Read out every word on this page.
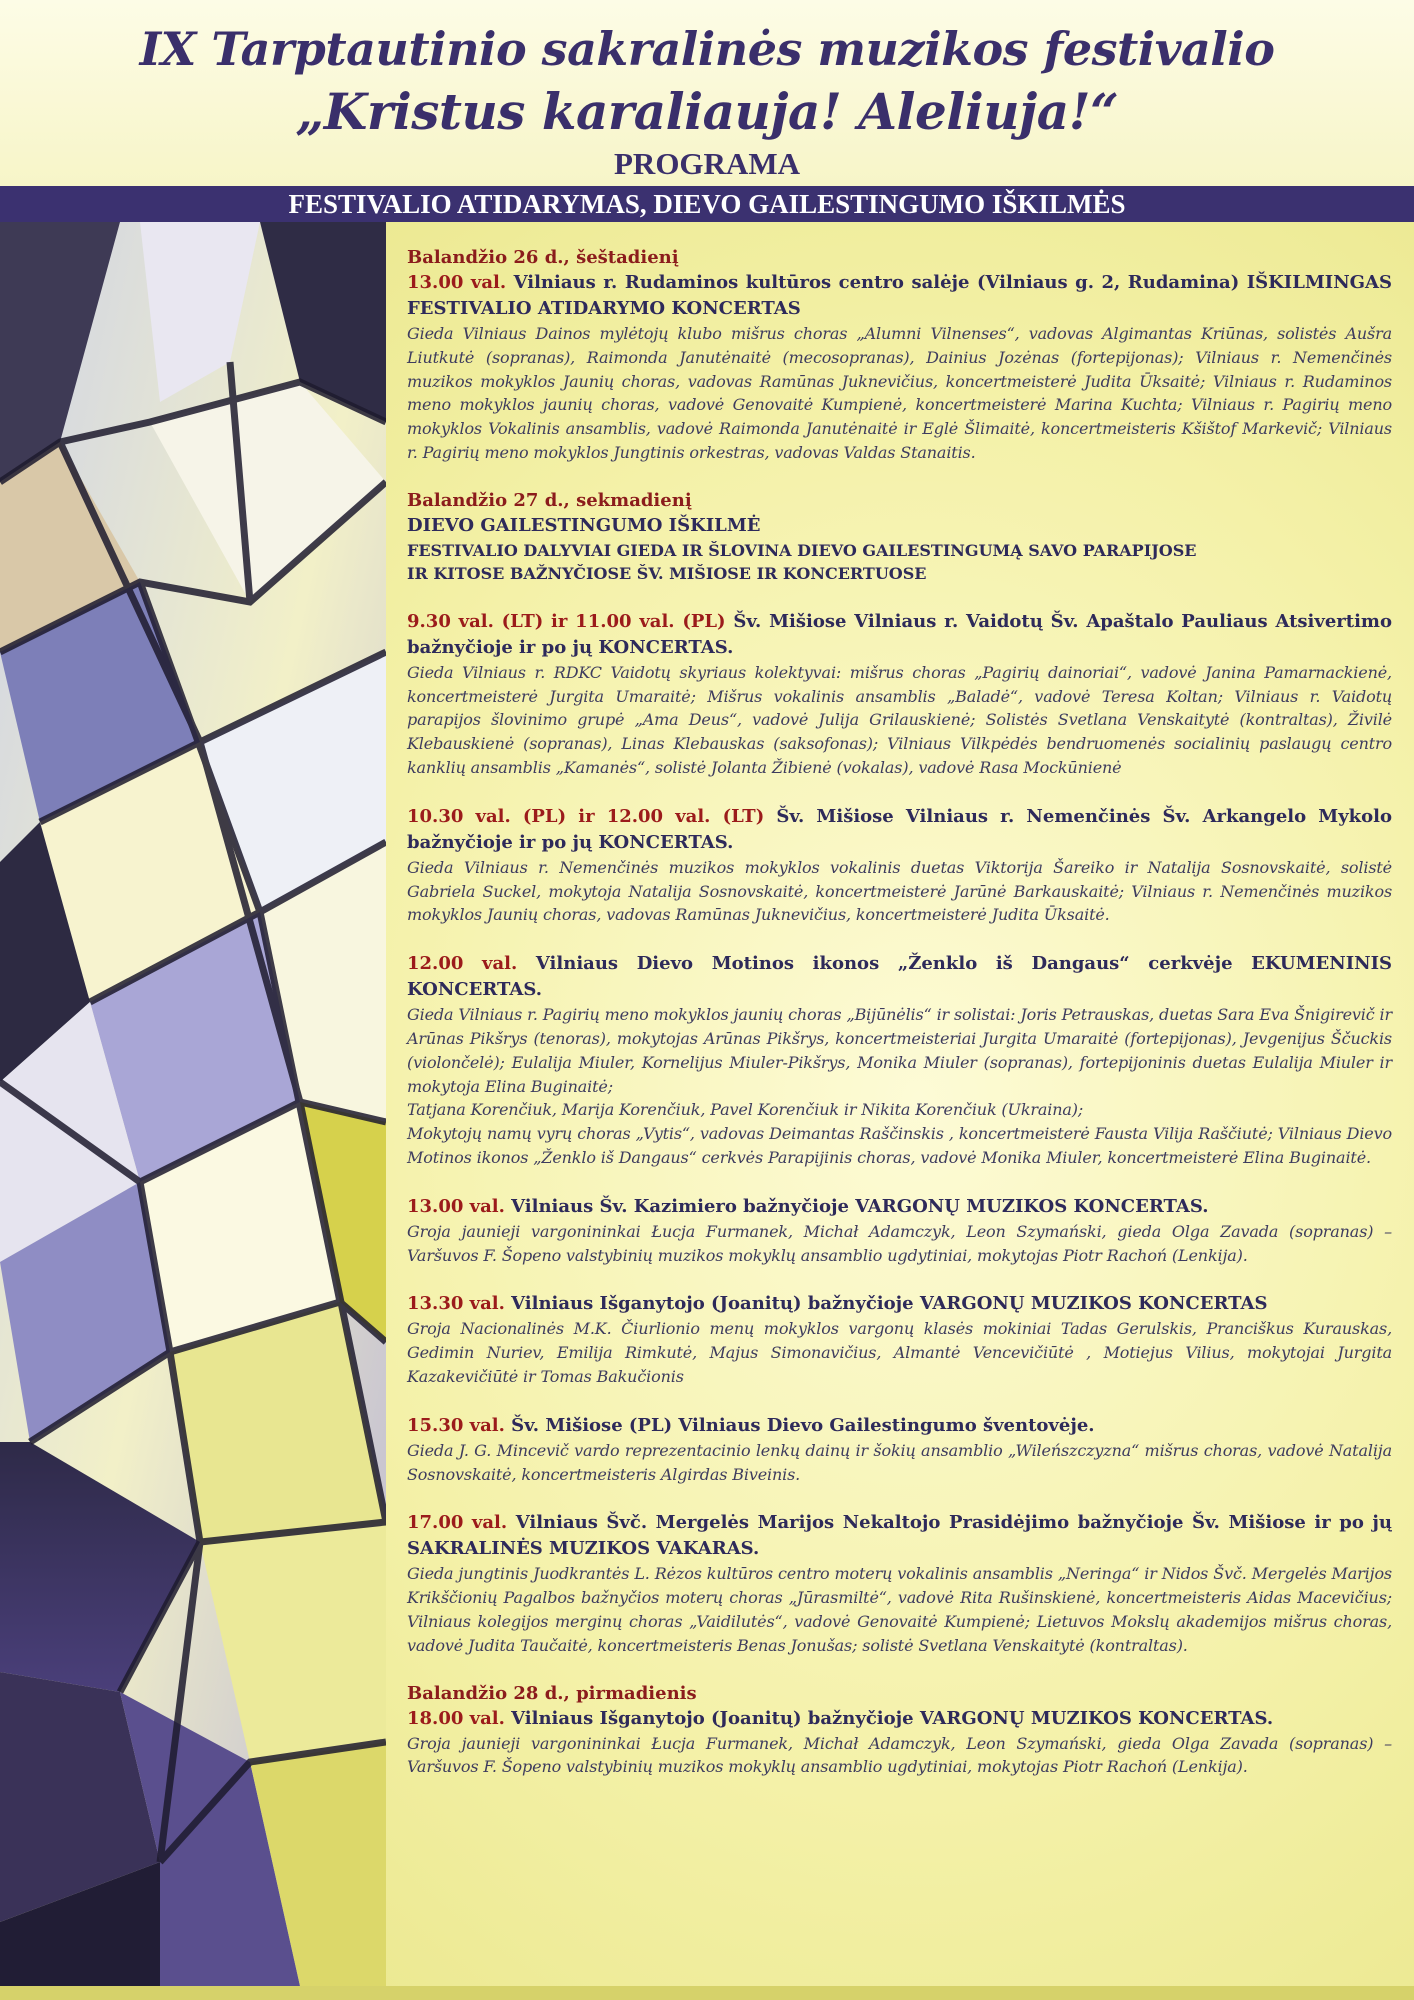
IX Tarptautinio sakralinės muzikos festivalio
„Kristus karaliauja! Aleliuja!“
PROGRAMA
FESTIVALIO ATIDARYMAS, DIEVO GAILESTINGUMO IŠKILMĖS
Balandžio 26 d., šeštadienį
13.00 val. Vilniaus r. Rudaminos kultūros centro salėje (Vilniaus g. 2, Rudamina) IŠKILMINGAS FESTIVALIO ATIDARYMO KONCERTAS

Gieda Vilniaus Dainos mylėtojų klubo mišrus choras „Alumni Vilnenses“, vadovas Algimantas Kriūnas, solistės Aušra Liutkutė (sopranas), Raimonda Janutėnaitė (mecosopranas), Dainius Jozėnas (fortepijonas); Vilniaus r. Nemenčinės muzikos mokyklos Jaunių choras, vadovas Ramūnas Juknevičius, koncertmeisterė Judita Ūksaitė; Vilniaus r. Rudaminos meno mokyklos jaunių choras, vadovė Genovaitė Kumpienė, koncertmeisterė Marina Kuchta; Vilniaus r. Pagirių meno mokyklos Vokalinis ansamblis, vadovė Raimonda Janutėnaitė ir Eglė Šlimaitė, koncertmeisteris Kšištof Markevič; Vilniaus r. Pagirių meno mokyklos Jungtinis orkestras, vadovas Valdas Stanaitis.

Balandžio 27 d., sekmadienį
DIEVO GAILESTINGUMO IŠKILMĖ
FESTIVALIO DALYVIAI GIEDA IR ŠLOVINA DIEVO GAILESTINGUMĄ SAVO PARAPIJOSE
IR KITOSE BAŽNYČIOSE ŠV. MIŠIOSE IR KONCERTUOSE
9.30 val. (LT) ir 11.00 val. (PL) Šv. Mišiose Vilniaus r. Vaidotų Šv. Apaštalo Pauliaus Atsivertimo bažnyčioje ir po jų KONCERTAS.

Gieda Vilniaus r. RDKC Vaidotų skyriaus kolektyvai: mišrus choras „Pagirių dainoriai“, vadovė Janina Pamarnackienė, koncertmeisterė Jurgita Umaraitė; Mišrus vokalinis ansamblis „Baladė“, vadovė Teresa Koltan; Vilniaus r. Vaidotų parapijos šlovinimo grupė „Ama Deus“, vadovė Julija Grilauskienė; Solistės Svetlana Venskaitytė (kontraltas), Živilė Klebauskienė (sopranas), Linas Klebauskas (saksofonas); Vilniaus Vilkpėdės bendruomenės socialinių paslaugų centro kanklių ansamblis „Kamanės“, solistė Jolanta Žibienė (vokalas), vadovė Rasa Mockūnienė

10.30 val. (PL) ir 12.00 val. (LT) Šv. Mišiose Vilniaus r. Nemenčinės Šv. Arkangelo Mykolo bažnyčioje ir po jų KONCERTAS.

Gieda Vilniaus r. Nemenčinės muzikos mokyklos vokalinis duetas Viktorija Šareiko ir Natalija Sosnovskaitė, solistė Gabriela Suckel, mokytoja Natalija Sosnovskaitė, koncertmeisterė Jarūnė Barkauskaitė; Vilniaus r. Nemenčinės muzikos mokyklos Jaunių choras, vadovas Ramūnas Juknevičius, koncertmeisterė Judita Ūksaitė.

12.00 val. Vilniaus Dievo Motinos ikonos „Ženklo iš Dangaus“ cerkvėje EKUMENINIS KONCERTAS.

Gieda Vilniaus r. Pagirių meno mokyklos jaunių choras „Bijūnėlis“ ir solistai: Joris Petrauskas, duetas Sara Eva Šnigirevič ir Arūnas Pikšrys (tenoras), mokytojas Arūnas Pikšrys, koncertmeisteriai Jurgita Umaraitė (fortepijonas), Jevgenijus Ščuckis (violončelė); Eulalija Miuler, Kornelijus Miuler-Pikšrys, Monika Miuler (sopranas), fortepijoninis duetas Eulalija Miuler ir mokytoja Elina Buginaitė;

Tatjana Korenčiuk, Marija Korenčiuk, Pavel Korenčiuk ir Nikita Korenčiuk (Ukraina);

Mokytojų namų vyrų choras „Vytis“, vadovas Deimantas Raščinskis , koncertmeisterė Fausta Vilija Raščiutė; Vilniaus Dievo Motinos ikonos „Ženklo iš Dangaus“ cerkvės Parapijinis choras, vadovė Monika Miuler, koncertmeisterė Elina Buginaitė.

13.00 val. Vilniaus Šv. Kazimiero bažnyčioje VARGONŲ MUZIKOS KONCERTAS.

Groja jaunieji vargonininkai Łucja Furmanek, Michał Adamczyk, Leon Szymański, gieda Olga Zavada (sopranas) – Varšuvos F. Šopeno valstybinių muzikos mokyklų ansamblio ugdytiniai, mokytojas Piotr Rachoń (Lenkija).

13.30 val. Vilniaus Išganytojo (Joanitų) bažnyčioje VARGONŲ MUZIKOS KONCERTAS

Groja Nacionalinės M.K. Čiurlionio menų mokyklos vargonų klasės mokiniai Tadas Gerulskis, Pranciškus Kurauskas, Gedimin Nuriev, Emilija Rimkutė, Majus Simonavičius, Almantė Vencevičiūtė , Motiejus Vilius, mokytojai Jurgita Kazakevičiūtė ir Tomas Bakučionis

15.30 val. Šv. Mišiose (PL) Vilniaus Dievo Gailestingumo šventovėje.

Gieda J. G. Mincevič vardo reprezentacinio lenkų dainų ir šokių ansamblio „Wileńszczyzna“ mišrus choras, vadovė Natalija Sosnovskaitė, koncertmeisteris Algirdas Biveinis.

17.00 val. Vilniaus Švč. Mergelės Marijos Nekaltojo Prasidėjimo bažnyčioje Šv. Mišiose ir po jų SAKRALINĖS MUZIKOS VAKARAS.

Gieda jungtinis Juodkrantės L. Rėzos kultūros centro moterų vokalinis ansamblis „Neringa“ ir Nidos Švč. Mergelės Marijos Krikščionių Pagalbos bažnyčios moterų choras „Jūrasmiltė“, vadovė Rita Rušinskienė, koncertmeisteris Aidas Macevičius; Vilniaus kolegijos merginų choras „Vaidilutės“, vadovė Genovaitė Kumpienė; Lietuvos Mokslų akademijos mišrus choras, vadovė Judita Taučaitė, koncertmeisteris Benas Jonušas; solistė Svetlana Venskaitytė (kontraltas).

Balandžio 28 d., pirmadienis
18.00 val. Vilniaus Išganytojo (Joanitų) bažnyčioje VARGONŲ MUZIKOS KONCERTAS.

Groja jaunieji vargonininkai Łucja Furmanek, Michał Adamczyk, Leon Szymański, gieda Olga Zavada (sopranas) – Varšuvos F. Šopeno valstybinių muzikos mokyklų ansamblio ugdytiniai, mokytojas Piotr Rachoń (Lenkija).
